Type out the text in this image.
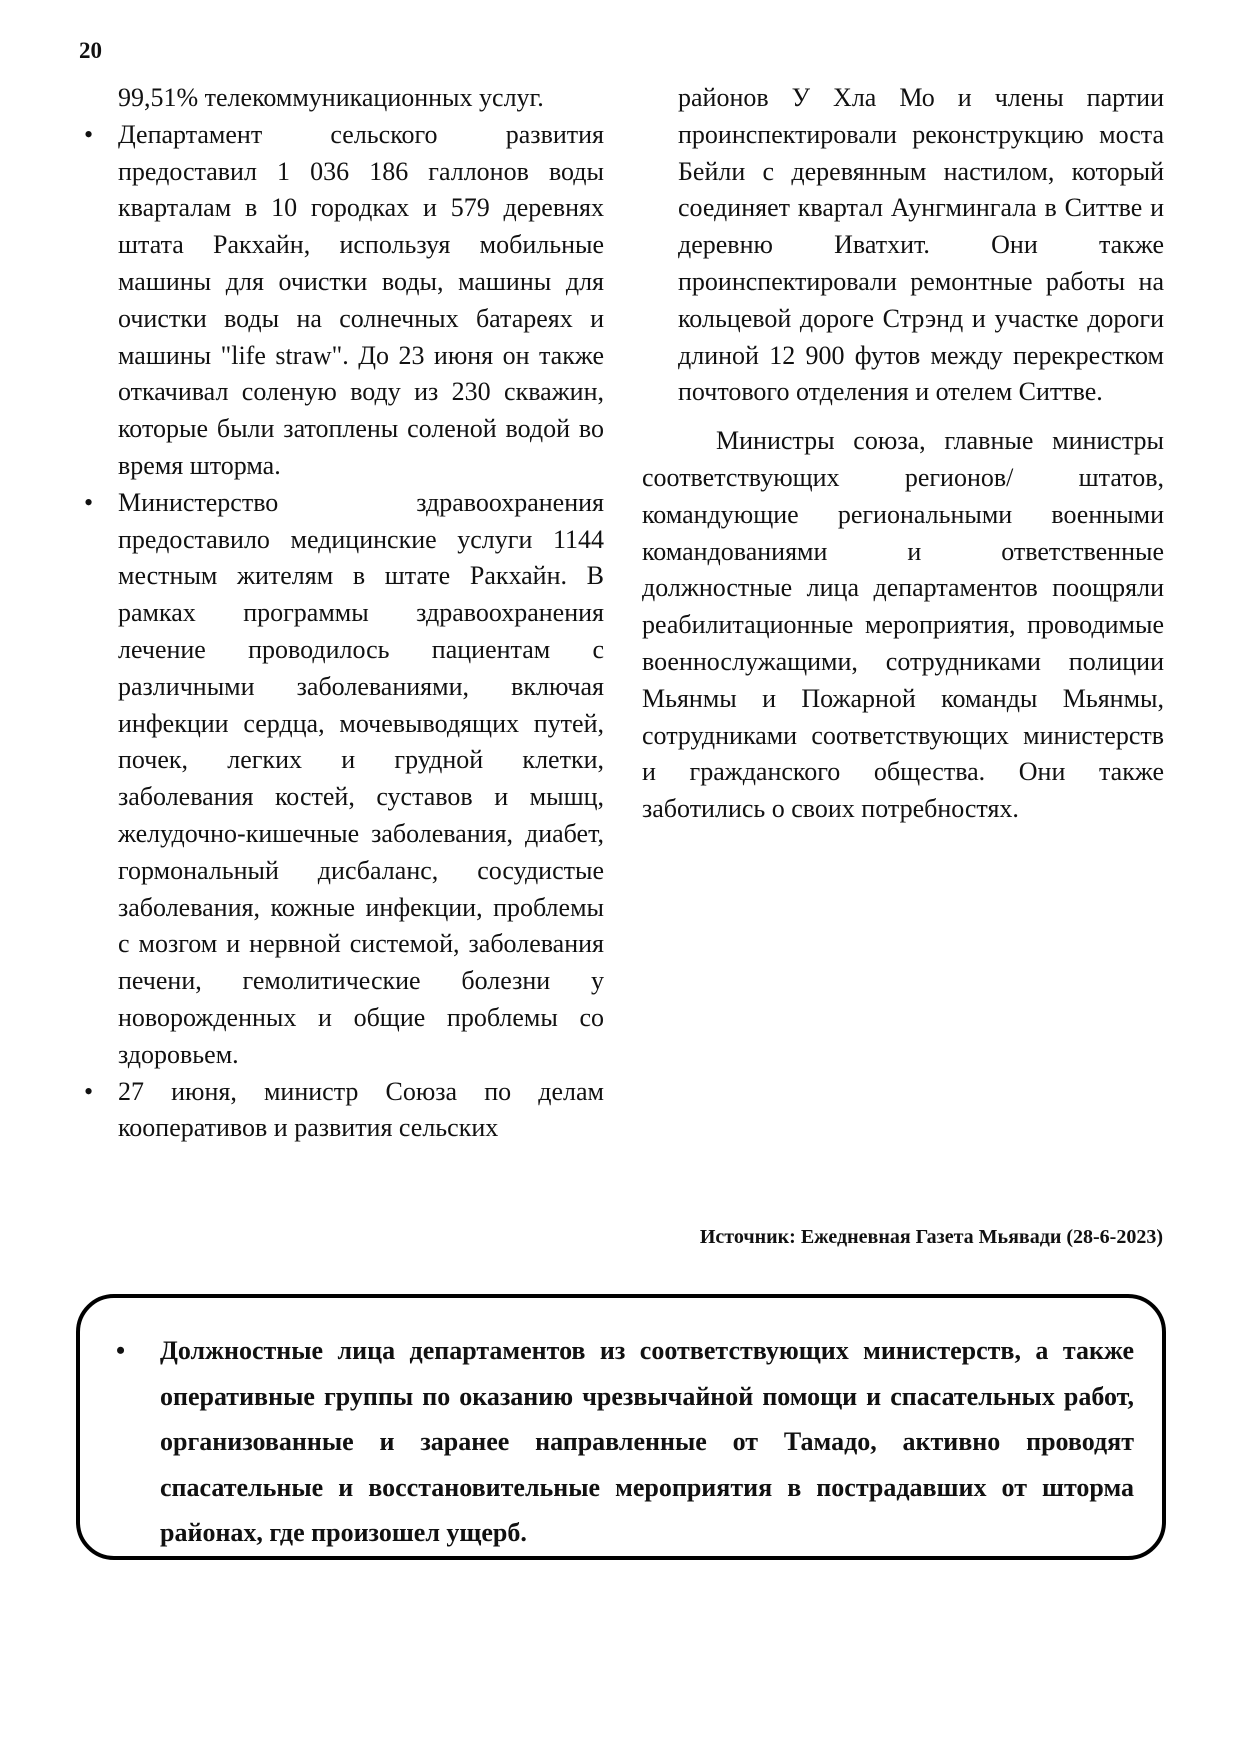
20
99,51% телекоммуникационных услуг.
• Департамент сельского развития предоставил 1 036 186 галлонов воды кварталам в 10 городках и 579 деревнях штата Ракхайн, используя мобильные машины для очистки воды, машины для очистки воды на солнечных батареях и машины "life straw". До 23 июня он также откачивал соленую воду из 230 скважин, которые были затоплены соленой водой во время шторма.
• Министерство здравоохранения предоставило медицинские услуги 1144 местным жителям в штате Ракхайн. В рамках программы здравоохранения лечение проводилось пациентам с различными заболеваниями, включая инфекции сердца, мочевыводящих путей, почек, легких и грудной клетки, заболевания костей, суставов и мышц, желудочно-кишечные заболевания, диабет, гормональный дисбаланс, сосудистые заболевания, кожные инфекции, проблемы с мозгом и нервной системой, заболевания печени, гемолитические болезни у новорожденных и общие проблемы со здоровьем.
• 27 июня, министр Союза по делам кооперативов и развития сельских
районов У Хла Мо и члены партии проинспектировали реконструкцию моста Бейли с деревянным настилом, который соединяет квартал Аунгмингала в Ситтве и деревню Иватхит. Они также проинспектировали ремонтные работы на кольцевой дороге Стрэнд и участке дороги длиной 12 900 футов между перекрестком почтового отделения и отелем Ситтве.

Министры союза, главные министры соответствующих регионов/ штатов, командующие региональными военными командованиями и ответственные должностные лица департаментов поощряли реабилитационные мероприятия, проводимые военнослужащими, сотрудниками полиции Мьянмы и Пожарной команды Мьянмы, сотрудниками соответствующих министерств и гражданского общества. Они также заботились о своих потребностях.

Источник: Ежедневная Газета Мьявади (28-6-2023)
• Должностные лица департаментов из соответствующих министерств, а также оперативные группы по оказанию чрезвычайной помощи и спасательных работ, организованные и заранее направленные от Тамадо, активно проводят спасательные и восстановительные мероприятия в пострадавших от шторма районах, где произошел ущерб.
